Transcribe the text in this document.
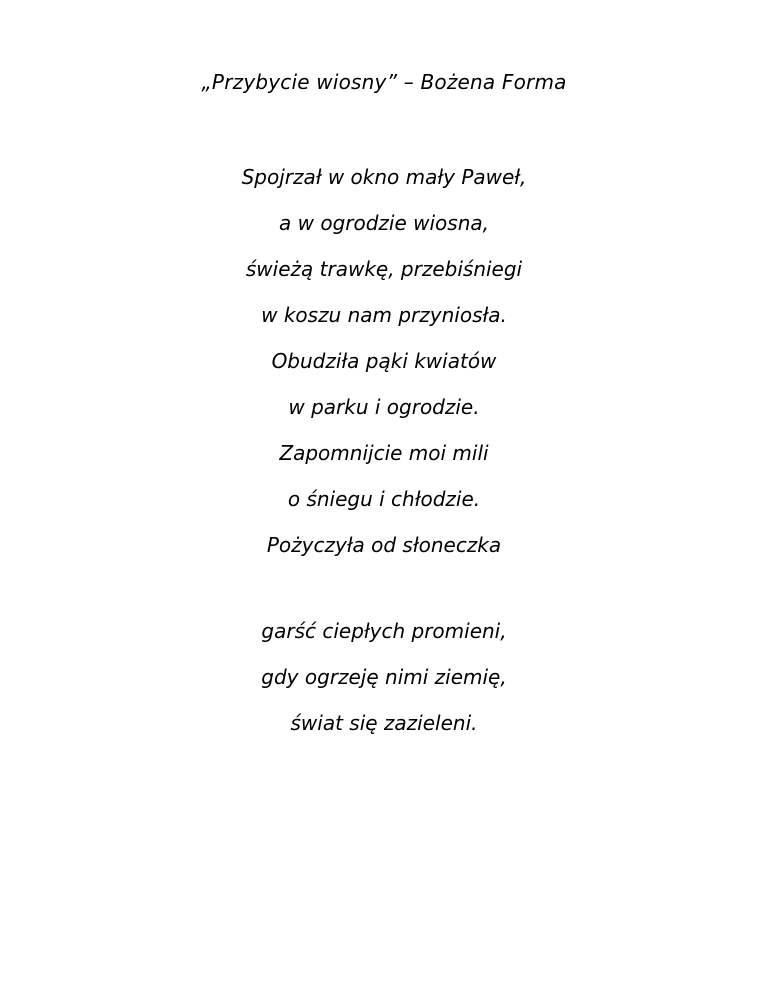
„Przybycie wiosny” – Bożena Forma
Spojrzał w okno mały Paweł,
a w ogrodzie wiosna,
świeżą trawkę, przebiśniegi
w koszu nam przyniosła.
Obudziła pąki kwiatów
w parku i ogrodzie.
Zapomnijcie moi mili
o śniegu i chłodzie.
Pożyczyła od słoneczka
garść ciepłych promieni,
gdy ogrzeję nimi ziemię,
świat się zazieleni.
